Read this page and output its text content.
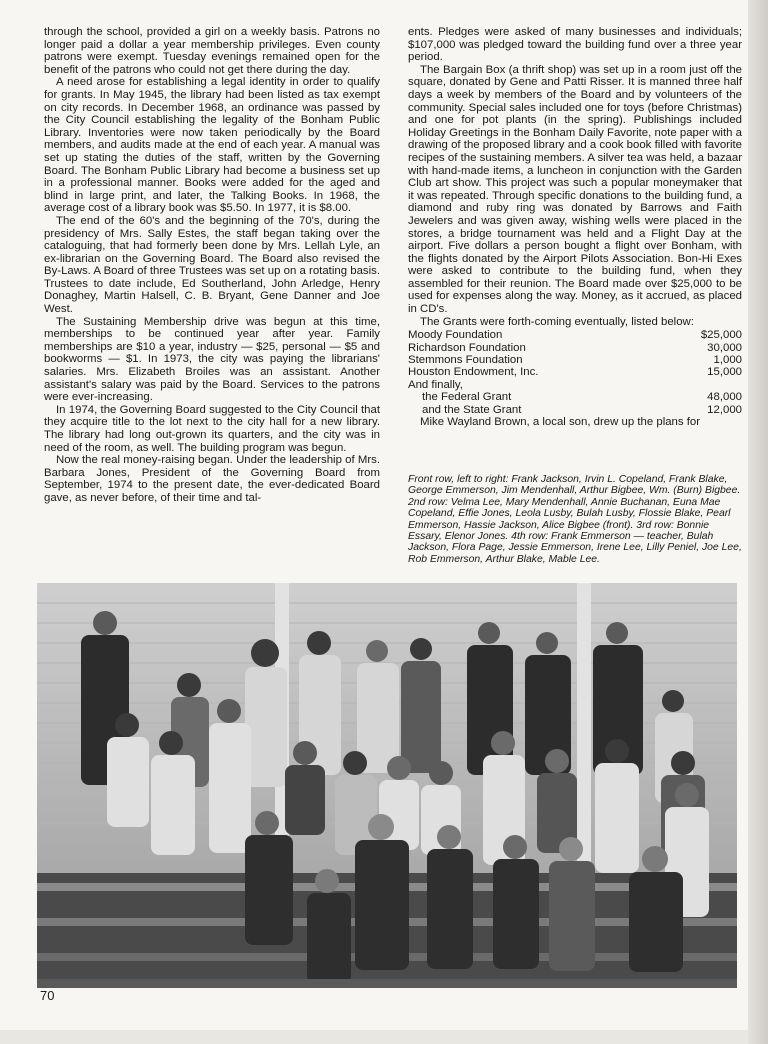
through the school, provided a girl on a weekly basis. Patrons no longer paid a dollar a year membership privileges. Even county patrons were exempt. Tuesday evenings remained open for the benefit of the patrons who could not get there during the day.

A need arose for establishing a legal identity in order to qualify for grants. In May 1945, the library had been listed as tax exempt on city records. In December 1968, an ordinance was passed by the City Council establishing the legality of the Bonham Public Library. Inventories were now taken periodically by the Board members, and audits made at the end of each year. A manual was set up stating the duties of the staff, written by the Governing Board. The Bonham Public Library had become a business set up in a professional manner. Books were added for the aged and blind in large print, and later, the Talking Books. In 1968, the average cost of a library book was $5.50. In 1977, it is $8.00.

The end of the 60's and the beginning of the 70's, during the presidency of Mrs. Sally Estes, the staff began taking over the cataloguing, that had formerly been done by Mrs. Lellah Lyle, an ex-librarian on the Governing Board. The Board also revised the By-Laws. A Board of three Trustees was set up on a rotating basis. Trustees to date include, Ed Southerland, John Arledge, Henry Donaghey, Martin Halsell, C. B. Bryant, Gene Danner and Joe West.

The Sustaining Membership drive was begun at this time, memberships to be continued year after year. Family memberships are $10 a year, industry — $25, personal — $5 and bookworms — $1. In 1973, the city was paying the librarians' salaries. Mrs. Elizabeth Broiles was an assistant. Another assistant's salary was paid by the Board. Services to the patrons were ever-increasing.

In 1974, the Governing Board suggested to the City Council that they acquire title to the lot next to the city hall for a new library. The library had long out-grown its quarters, and the city was in need of the room, as well. The building program was begun.

Now the real money-raising began. Under the leadership of Mrs. Barbara Jones, President of the Governing Board from September, 1974 to the present date, the ever-dedicated Board gave, as never before, of their time and tal-

ents. Pledges were asked of many businesses and individuals; $107,000 was pledged toward the building fund over a three year period.

The Bargain Box (a thrift shop) was set up in a room just off the square, donated by Gene and Patti Risser. It is manned three half days a week by members of the Board and by volunteers of the community. Special sales included one for toys (before Christmas) and one for pot plants (in the spring). Publishings included Holiday Greetings in the Bonham Daily Favorite, note paper with a drawing of the proposed library and a cook book filled with favorite recipes of the sustaining members. A silver tea was held, a bazaar with hand-made items, a luncheon in conjunction with the Garden Club art show. This project was such a popular moneymaker that it was repeated. Through specific donations to the building fund, a diamond and ruby ring was donated by Barrows and Faith Jewelers and was given away, wishing wells were placed in the stores, a bridge tournament was held and a Flight Day at the airport. Five dollars a person bought a flight over Bonham, with the flights donated by the Airport Pilots Association. Bon-Hi Exes were asked to contribute to the building fund, when they assembled for their reunion. The Board made over $25,000 to be used for expenses along the way. Money, as it accrued, as placed in CD's.

The Grants were forth-coming eventually, listed below:

Moody Foundation	$25,000
Richardson Foundation	30,000
Stemmons Foundation	1,000
Houston Endowment, Inc.	15,000
And finally,	
the Federal Grant	48,000
and the State Grant	12,000

Mike Wayland Brown, a local son, drew up the plans for

Front row, left to right: Frank Jackson, Irvin L. Copeland, Frank Blake, George Emmerson, Jim Mendenhall, Arthur Bigbee, Wm. (Burn) Bigbee. 2nd row: Velma Lee, Mary Mendenhall, Annie Buchanan, Euna Mae Copeland, Effie Jones, Leola Lusby, Bulah Lusby, Flossie Blake, Pearl Emmerson, Hassie Jackson, Alice Bigbee (front). 3rd row: Bonnie Essary, Elenor Jones. 4th row: Frank Emmerson — teacher, Bulah Jackson, Flora Page, Jessie Emmerson, Irene Lee, Lilly Peniel, Joe Lee, Rob Emmerson, Arthur Blake, Mable Lee.
70
